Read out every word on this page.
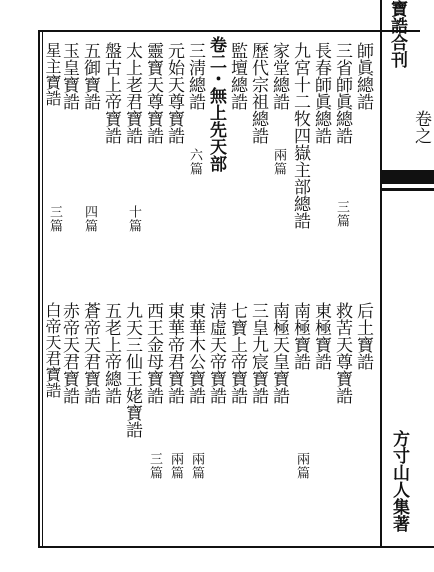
寶誥合刊
卷之
方寸山人集著
師眞總誥
三省師眞總誥
三篇
長春師眞總誥
九宮十二牧四嶽主部總誥
家堂總誥
兩篇
歷代宗祖總誥
監壇總誥
卷二・無上先天部
三淸總誥
六篇
元始天尊寶誥
靈寶天尊寶誥
太上老君寶誥
十篇
盤古上帝寶誥
五御寶誥
四篇
玉皇寶誥
三篇
星主寶誥
后土寶誥
救苦天尊寶誥
東極寶誥
南極寶誥
兩篇
南極天皇寶誥
三皇九宸寶誥
七寶上帝寶誥
淸虛天帝寶誥
東華木公寶誥
兩篇
東華帝君寶誥
兩篇
西王金母寶誥
三篇
九天三仙王姥寶誥
五老上帝總誥
蒼帝天君寶誥
赤帝天君寶誥
白帝天君寶誥
